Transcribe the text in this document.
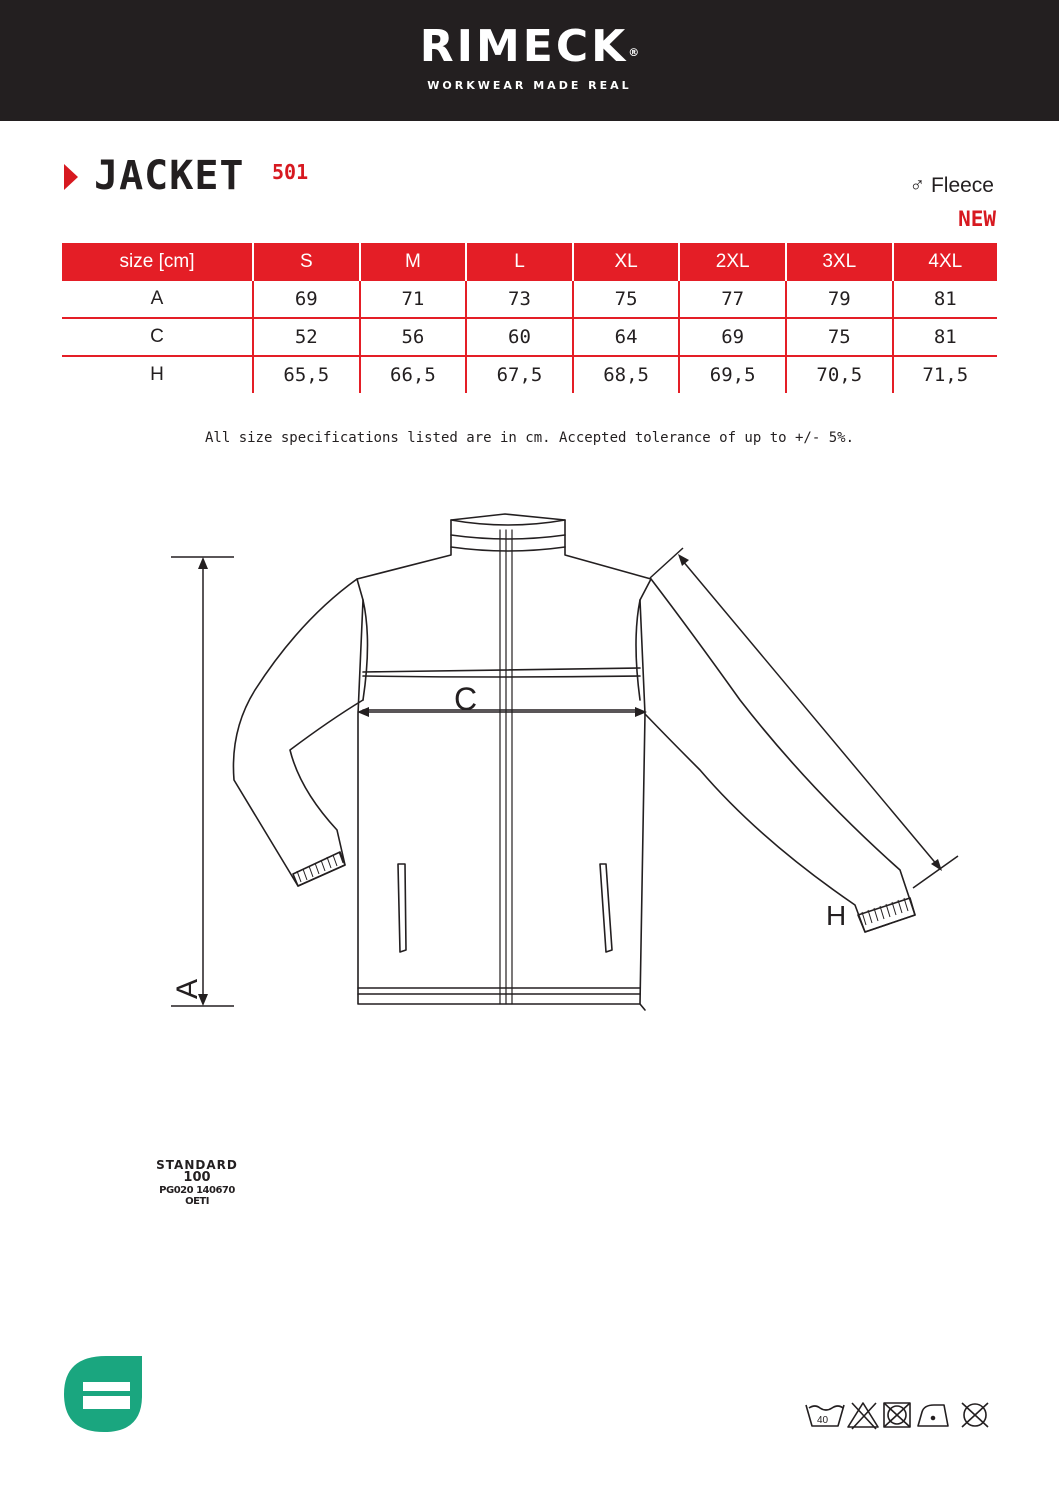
RIMECK®
WORKWEAR MADE REAL
JACKET 501
♂ Fleece
NEW
size [cm]	S	M	L	XL	2XL	3XL	4XL
A	69	71	73	75	77	79	81
C	52	56	60	64	69	75	81
H	65,5	66,5	67,5	68,5	69,5	70,5	71,5
All size specifications listed are in cm. Accepted tolerance of up to +/- 5%.
A
C
H
40
STANDARD
100
PG020 140670
OETI
